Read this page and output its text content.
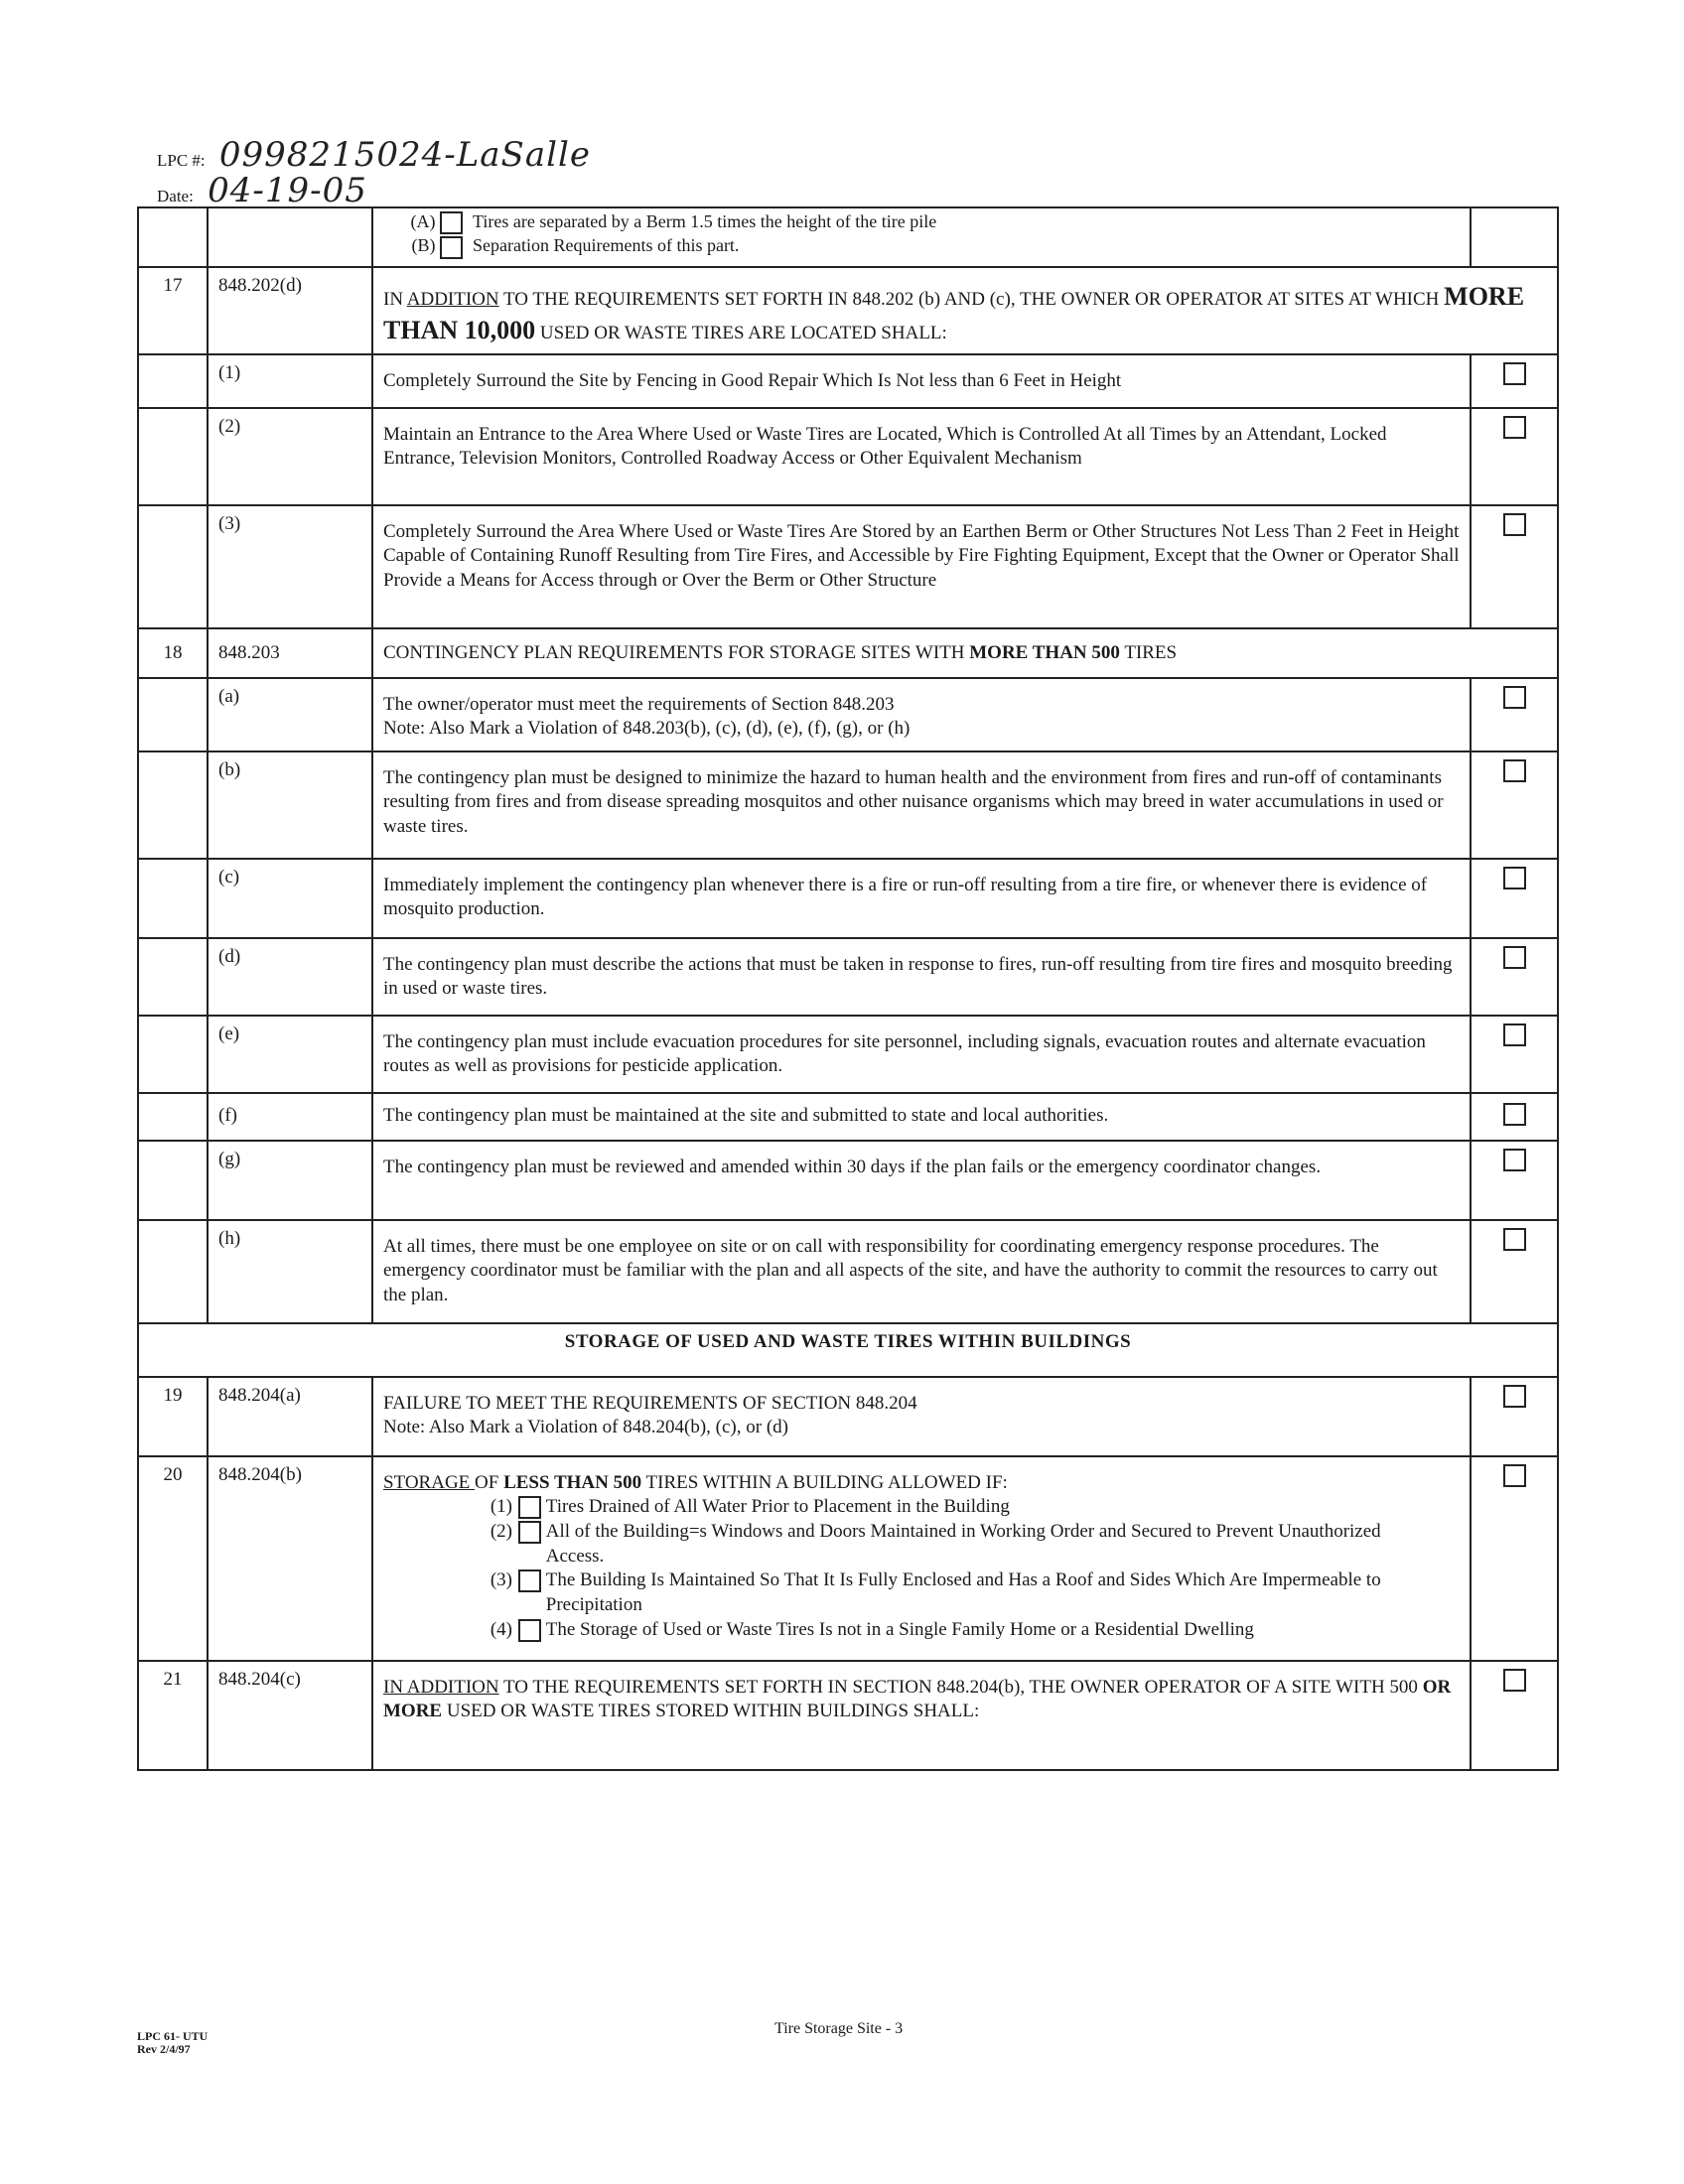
LPC #: 0998215024-LaSalle
Date: 04-19-05

		(A) Tires are separated by a Berm 1.5 times the height of the tire pile
(B) Separation Requirements of this part.	

17	848.202(d)	IN ADDITION TO THE REQUIREMENTS SET FORTH IN 848.202 (b) AND (c), THE OWNER OR OPERATOR AT SITES AT WHICH MORE THAN 10,000 USED OR WASTE TIRES ARE LOCATED SHALL:	
	(1)	Completely Surround the Site by Fencing in Good Repair Which Is Not less than 6 Feet in Height	
	(2)	Maintain an Entrance to the Area Where Used or Waste Tires are Located, Which is Controlled At all Times by an Attendant, Locked Entrance, Television Monitors, Controlled Roadway Access or Other Equivalent Mechanism	
	(3)	Completely Surround the Area Where Used or Waste Tires Are Stored by an Earthen Berm or Other Structures Not Less Than 2 Feet in Height Capable of Containing Runoff Resulting from Tire Fires, and Accessible by Fire Fighting Equipment, Except that the Owner or Operator Shall Provide a Means for Access through or Over the Berm or Other Structure	
18	848.203	CONTINGENCY PLAN REQUIREMENTS FOR STORAGE SITES WITH MORE THAN 500 TIRES	
	(a)	The owner/operator must meet the requirements of Section 848.203
Note: Also Mark a Violation of 848.203(b), (c), (d), (e), (f), (g), or (h)	

	(b)	The contingency plan must be designed to minimize the hazard to human health and the environment from fires and run-off of contaminants resulting from fires and from disease spreading mosquitos and other nuisance organisms which may breed in water accumulations in used or waste tires.	
	(c)	Immediately implement the contingency plan whenever there is a fire or run-off resulting from a tire fire, or whenever there is evidence of mosquito production.	
	(d)	The contingency plan must describe the actions that must be taken in response to fires, run-off resulting from tire fires and mosquito breeding in used or waste tires.	
	(e)	The contingency plan must include evacuation procedures for site personnel, including signals, evacuation routes and alternate evacuation routes as well as provisions for pesticide application.	
	(f)	The contingency plan must be maintained at the site and submitted to state and local authorities.	
	(g)	The contingency plan must be reviewed and amended within 30 days if the plan fails or the emergency coordinator changes.	
	(h)	At all times, there must be one employee on site or on call with responsibility for coordinating emergency response procedures. The emergency coordinator must be familiar with the plan and all aspects of the site, and have the authority to commit the resources to carry out the plan.	
STORAGE OF USED AND WASTE TIRES WITHIN BUILDINGS			
19	848.204(a)	FAILURE TO MEET THE REQUIREMENTS OF SECTION 848.204
Note: Also Mark a Violation of 848.204(b), (c), or (d)	

20	848.204(b)	STORAGE OF LESS THAN 500 TIRES WITHIN A BUILDING ALLOWED IF:
(1) Tires Drained of All Water Prior to Placement in the Building
(2) All of the Building=s Windows and Doors Maintained in Working Order and Secured to Prevent Unauthorized Access.
(3) The Building Is Maintained So That It Is Fully Enclosed and Has a Roof and Sides Which Are Impermeable to Precipitation
(4) The Storage of Used or Waste Tires Is not in a Single Family Home or a Residential Dwelling	

21	848.204(c)	IN ADDITION TO THE REQUIREMENTS SET FORTH IN SECTION 848.204(b), THE OWNER OPERATOR OF A SITE WITH 500 OR MORE USED OR WASTE TIRES STORED WITHIN BUILDINGS SHALL:	
LPC 61- UTU
Rev 2/4/97
Tire Storage Site - 3
